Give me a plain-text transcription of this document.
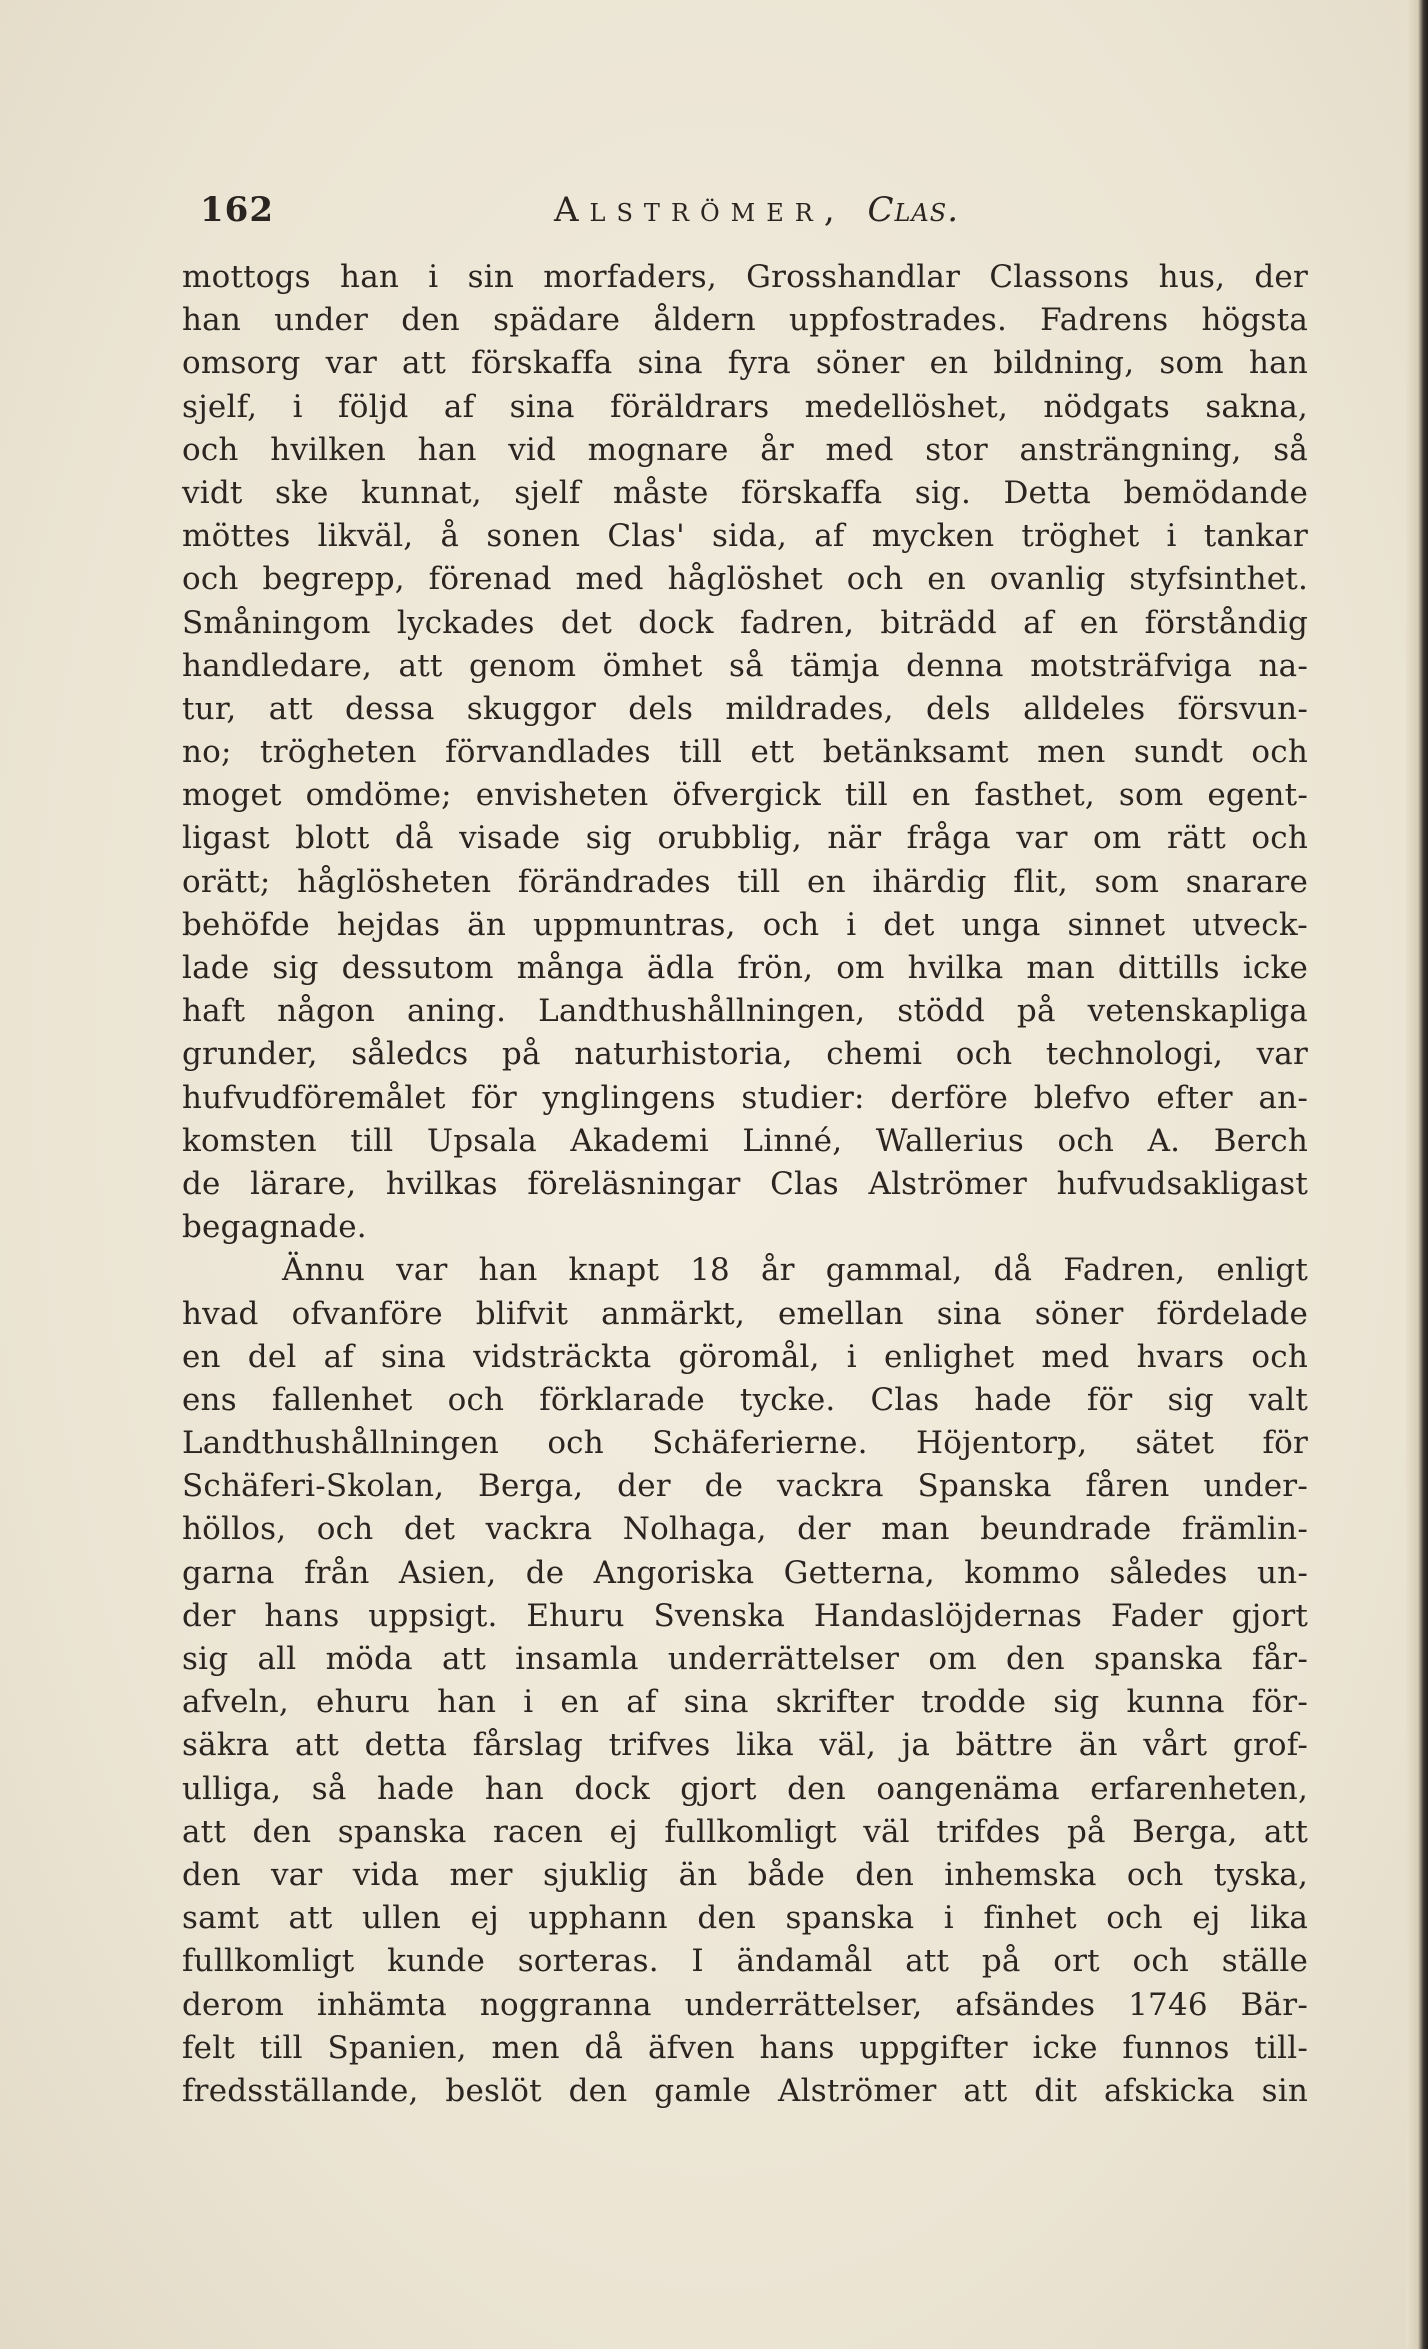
162	Alströmer, Clas.
mottogs han i sin morfaders, Grosshandlar Classons hus, der
han under den spädare åldern uppfostrades. Fadrens högsta
omsorg var att förskaffa sina fyra söner en bildning, som han
sjelf, i följd af sina föräldrars medellöshet, nödgats sakna,
och hvilken han vid mognare år med stor ansträngning, så
vidt ske kunnat, sjelf måste förskaffa sig. Detta bemödande
möttes likväl, å sonen Clas' sida, af mycken tröghet i tankar
och begrepp, förenad med håglöshet och en ovanlig styfsinthet.
Småningom lyckades det dock fadren, biträdd af en förståndig
handledare, att genom ömhet så tämja denna motsträfviga na-
tur, att dessa skuggor dels mildrades, dels alldeles försvun-
no; trögheten förvandlades till ett betänksamt men sundt och
moget omdöme; envisheten öfvergick till en fasthet, som egent-
ligast blott då visade sig orubblig, när fråga var om rätt och
orätt; håglösheten förändrades till en ihärdig flit, som snarare
behöfde hejdas än uppmuntras, och i det unga sinnet utveck-
lade sig dessutom många ädla frön, om hvilka man dittills icke
haft någon aning. Landthushållningen, stödd på vetenskapliga
grunder, såledcs på naturhistoria, chemi och technologi, var
hufvudföremålet för ynglingens studier: derföre blefvo efter an-
komsten till Upsala Akademi Linné, Wallerius och A. Berch
de lärare, hvilkas föreläsningar Clas Alströmer hufvudsakligast
begagnade.
Ännu var han knapt 18 år gammal, då Fadren, enligt
hvad ofvanföre blifvit anmärkt, emellan sina söner fördelade
en del af sina vidsträckta göromål, i enlighet med hvars och
ens fallenhet och förklarade tycke. Clas hade för sig valt
Landthushållningen och Schäferierne. Höjentorp, sätet för
Schäferi-Skolan, Berga, der de vackra Spanska fåren under-
höllos, och det vackra Nolhaga, der man beundrade främlin-
garna från Asien, de Angoriska Getterna, kommo således un-
der hans uppsigt. Ehuru Svenska Handaslöjdernas Fader gjort
sig all möda att insamla underrättelser om den spanska får-
afveln, ehuru han i en af sina skrifter trodde sig kunna för-
säkra att detta fårslag trifves lika väl, ja bättre än vårt grof-
ulliga, så hade han dock gjort den oangenäma erfarenheten,
att den spanska racen ej fullkomligt väl trifdes på Berga, att
den var vida mer sjuklig än både den inhemska och tyska,
samt att ullen ej upphann den spanska i finhet och ej lika
fullkomligt kunde sorteras. I ändamål att på ort och ställe
derom inhämta noggranna underrättelser, afsändes 1746 Bär-
felt till Spanien, men då äfven hans uppgifter icke funnos till-
fredsställande, beslöt den gamle Alströmer att dit afskicka sin
